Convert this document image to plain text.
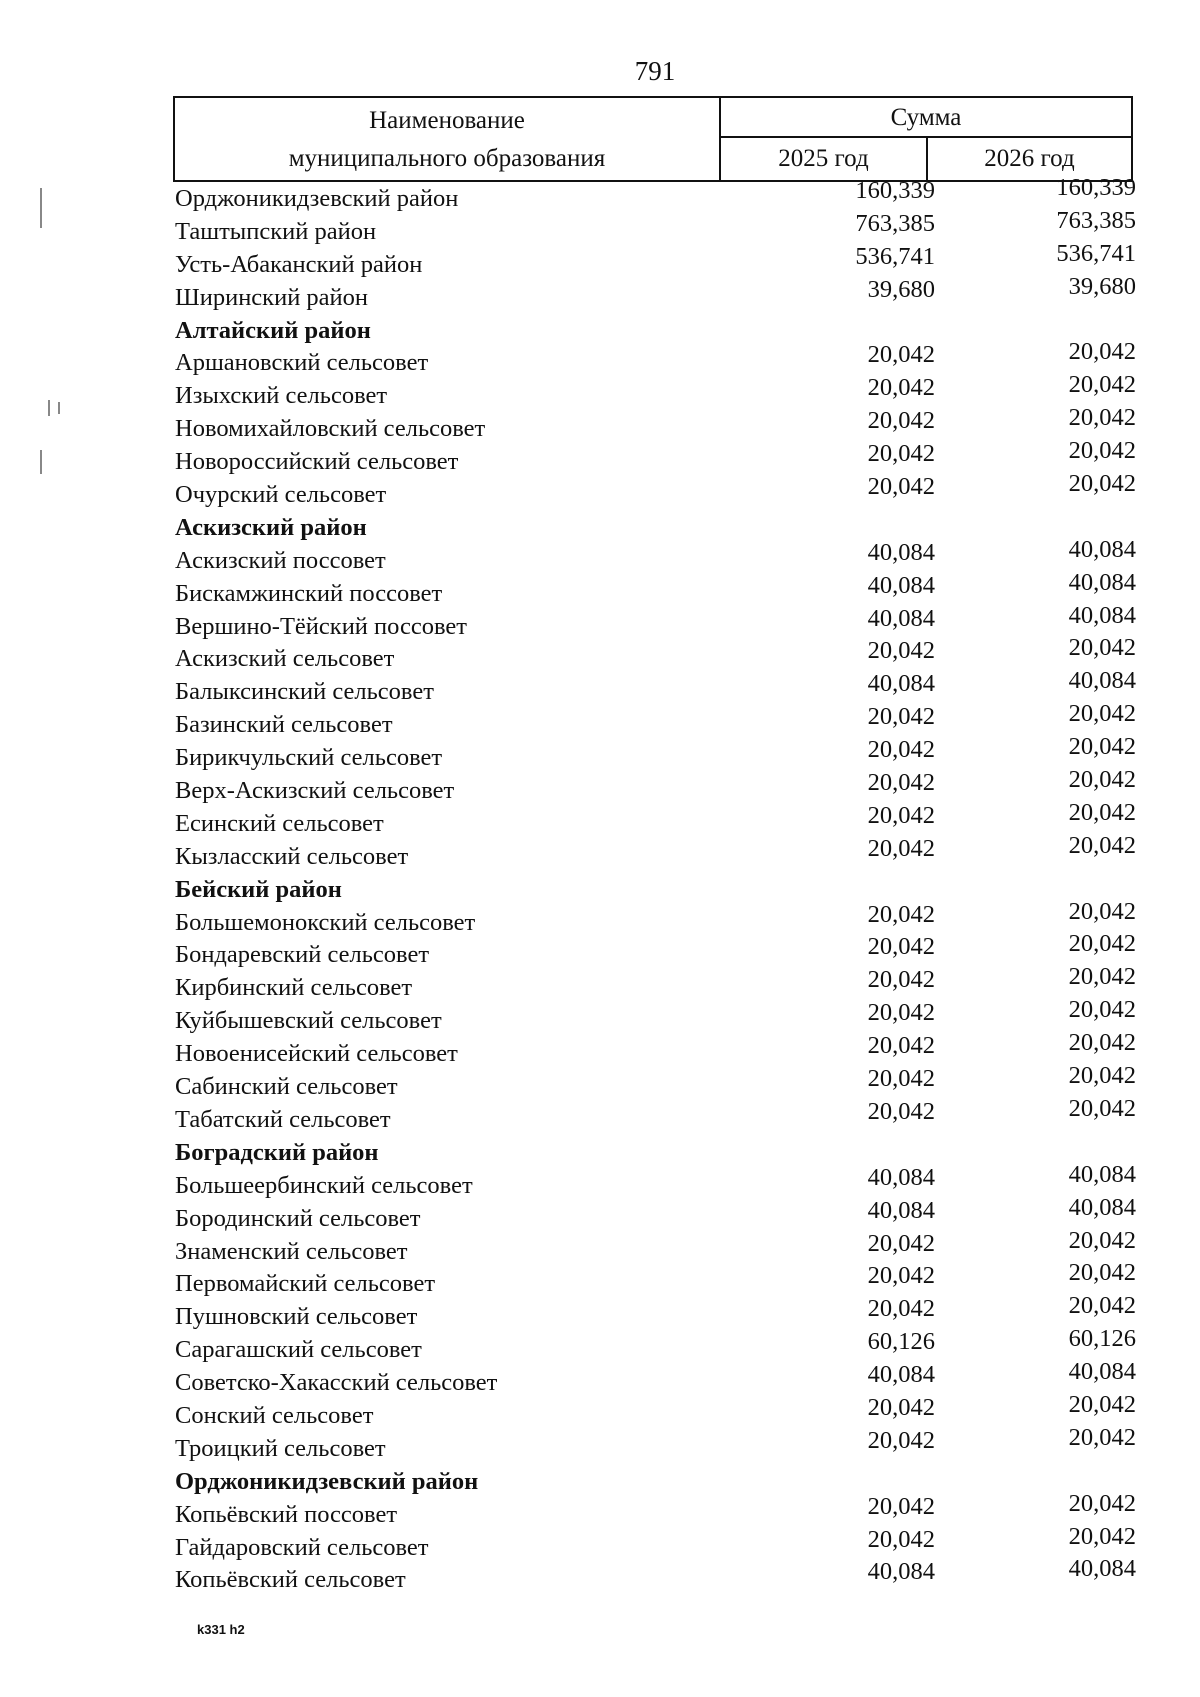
791
Наименование
муниципального образования
Сумма
2025 год	2026 год
Орджоникидзевский район	160,339	160,339
Таштыпский район	763,385	763,385
Усть-Абаканский район	536,741	536,741
Ширинский район	39,680	39,680
Алтайский район
Аршановский сельсовет	20,042	20,042
Изыхский сельсовет	20,042	20,042
Новомихайловский сельсовет	20,042	20,042
Новороссийский сельсовет	20,042	20,042
Очурский сельсовет	20,042	20,042
Аскизский район
Аскизский поссовет	40,084	40,084
Бискамжинский поссовет	40,084	40,084
Вершино-Тёйский поссовет	40,084	40,084
Аскизский сельсовет	20,042	20,042
Балыксинский сельсовет	40,084	40,084
Базинский сельсовет	20,042	20,042
Бирикчульский сельсовет	20,042	20,042
Верх-Аскизский сельсовет	20,042	20,042
Есинский сельсовет	20,042	20,042
Кызласский сельсовет	20,042	20,042
Бейский район
Большемонокский сельсовет	20,042	20,042
Бондаревский сельсовет	20,042	20,042
Кирбинский сельсовет	20,042	20,042
Куйбышевский сельсовет	20,042	20,042
Новоенисейский сельсовет	20,042	20,042
Сабинский сельсовет	20,042	20,042
Табатский сельсовет	20,042	20,042
Боградский район
Большеербинский сельсовет	40,084	40,084
Бородинский сельсовет	40,084	40,084
Знаменский сельсовет	20,042	20,042
Первомайский сельсовет	20,042	20,042
Пушновский сельсовет	20,042	20,042
Сарагашский сельсовет	60,126	60,126
Советско-Хакасский сельсовет	40,084	40,084
Сонский сельсовет	20,042	20,042
Троицкий сельсовет	20,042	20,042
Орджоникидзевский район
Копьёвский поссовет	20,042	20,042
Гайдаровский сельсовет	20,042	20,042
Копьёвский сельсовет	40,084	40,084
k331 h2
